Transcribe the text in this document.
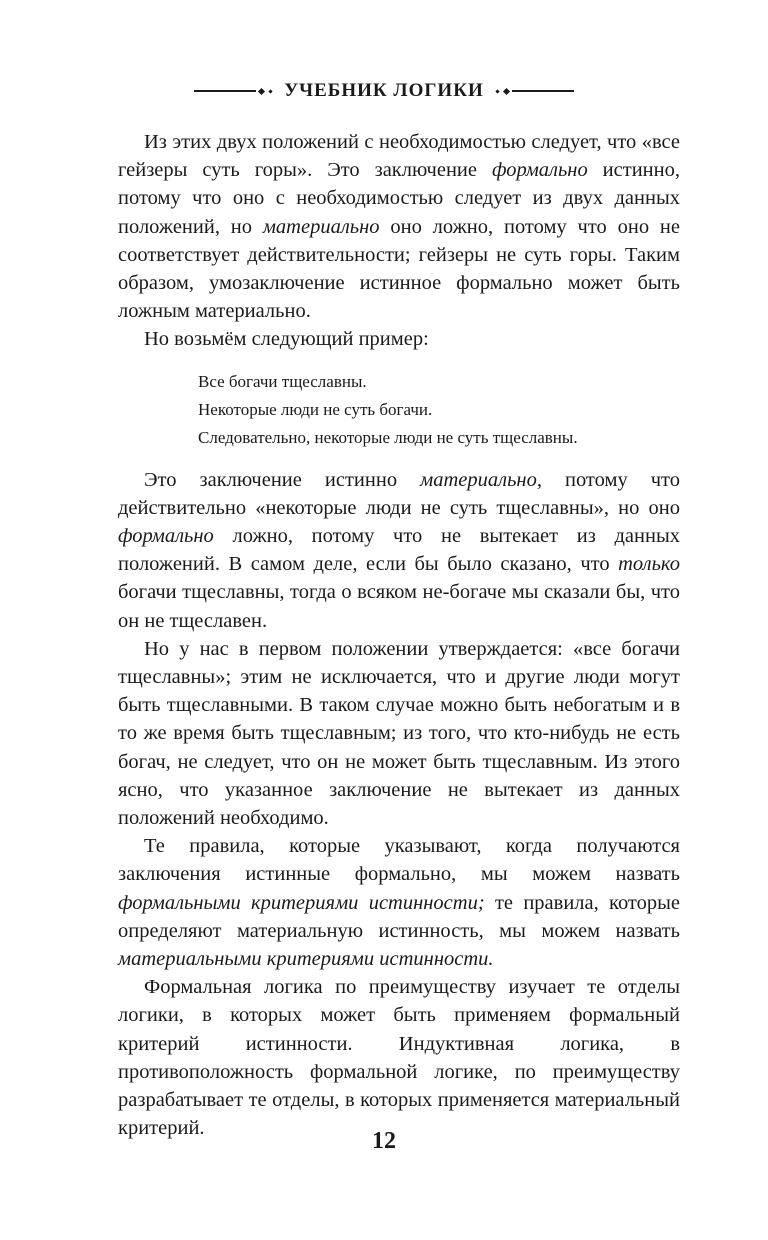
УЧЕБНИК ЛОГИКИ

Из этих двух положений с необходимостью следует, что «все гейзеры суть горы». Это заключение формально истинно, потому что оно с необходимостью следует из двух данных положений, но материально оно ложно, потому что оно не соответствует действительности; гейзеры не суть горы. Таким образом, умозаключение истинное формально может быть ложным материально.

Но возьмём следующий пример:

Все богачи тщеславны.
Некоторые люди не суть богачи.
Следовательно, некоторые люди не суть тщеславны.

Это заключение истинно материально, потому что действительно «некоторые люди не суть тщеславны», но оно формально ложно, потому что не вытекает из данных положений. В самом деле, если бы было сказано, что только богачи тщеславны, тогда о всяком не-богаче мы сказали бы, что он не тщеславен.

Но у нас в первом положении утверждается: «все богачи тщеславны»; этим не исключается, что и другие люди могут быть тщеславными. В таком случае можно быть небогатым и в то же время быть тщеславным; из того, что кто-нибудь не есть богач, не следует, что он не может быть тщеславным. Из этого ясно, что указанное заключение не вытекает из данных положений необходимо.

Те правила, которые указывают, когда получаются заключения истинные формально, мы можем назвать формальными критериями истинности; те правила, которые определяют материальную истинность, мы можем назвать материальными критериями истинности.

Формальная логика по преимуществу изучает те отделы логики, в которых может быть применяем формальный критерий истинности. Индуктивная логика, в противоположность формальной логике, по преимуществу разрабатывает те отделы, в которых применяется материальный критерий.	12
